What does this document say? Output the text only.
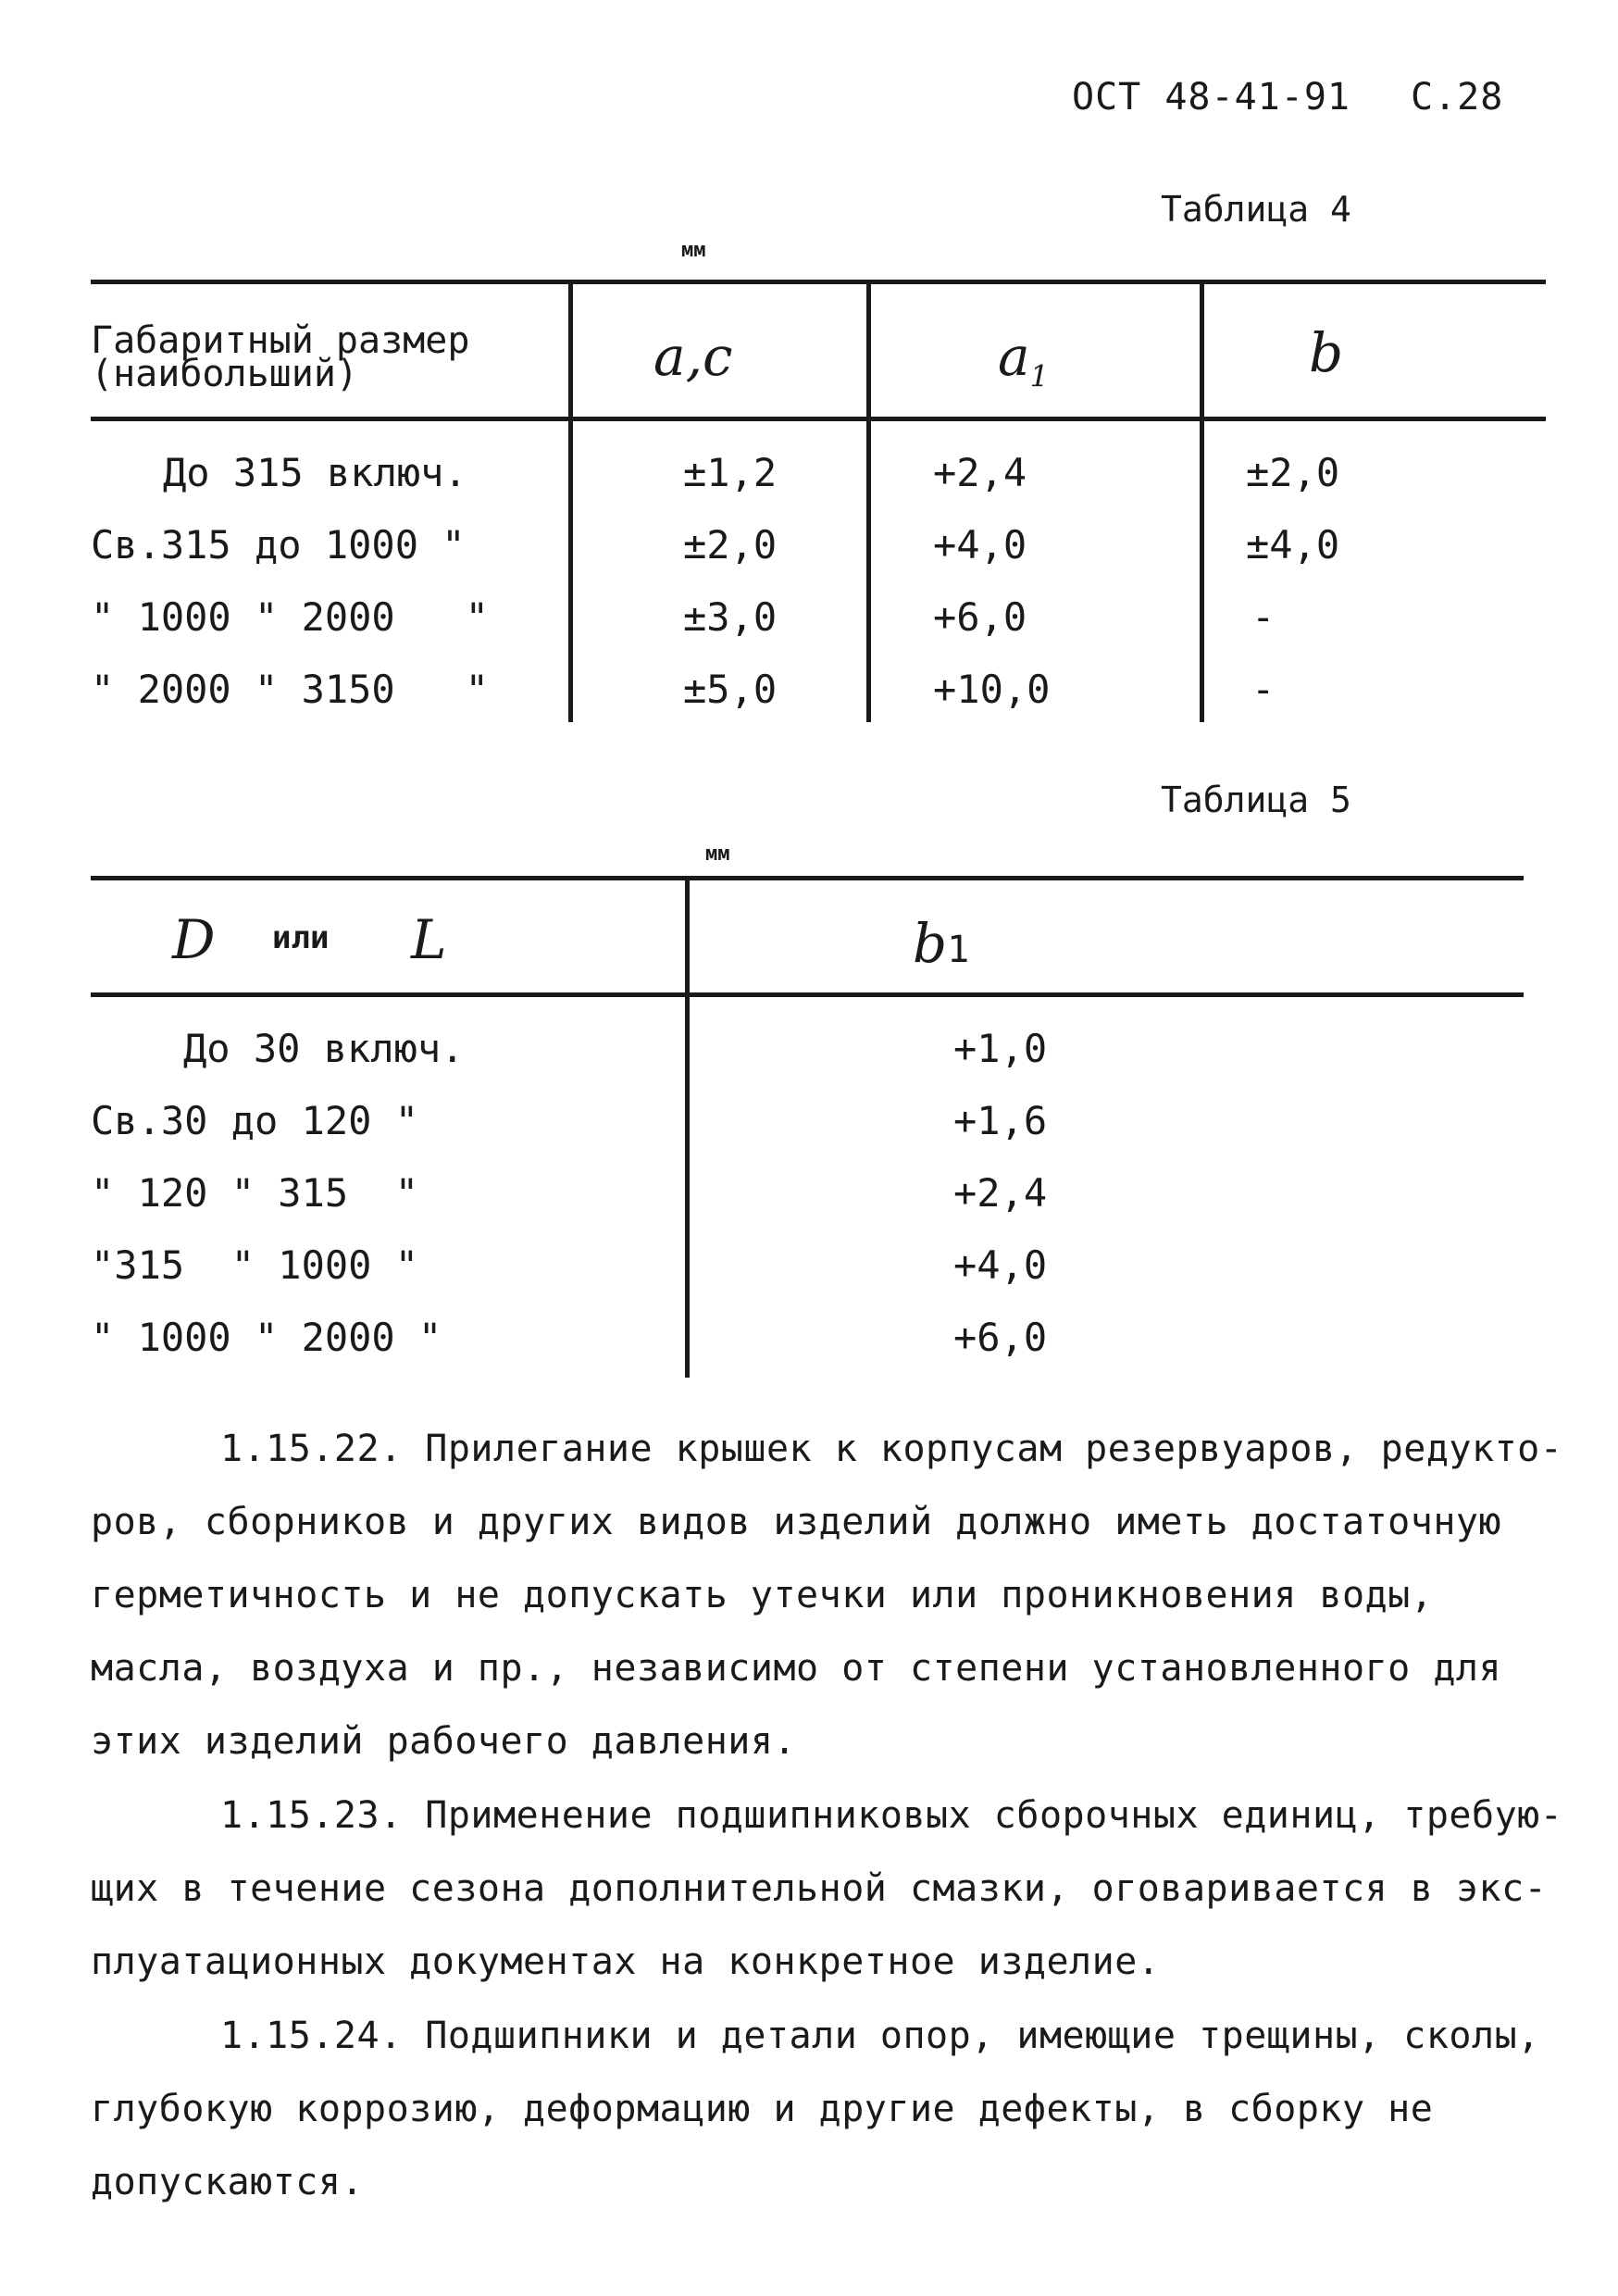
ОСТ 48-41-91 С.28
Таблица 4
мм
Габаритный размер
(наибольший)	a,c	$a_1$	b
До 315 включ.	±1,2	+2,4	±2,0
Св.315 до 1000 "	±2,0	+4,0	±4,0
" 1000 " 2000   "	±3,0	+6,0	-
" 2000 " 3150   "	±5,0	+10,0	-
Таблица 5
мм
D или L	b1
До 30 включ.	+1,0
Св.30 до 120 "	+1,6
" 120 " 315  "	+2,4
"315  " 1000 "	+4,0
" 1000 " 2000 "	+6,0
1.15.22. Прилегание крышек к корпусам резервуаров, редукто-
ров, сборников и других видов изделий должно иметь достаточную
герметичность и не допускать утечки или проникновения воды,
масла, воздуха и пр., независимо от степени установленного для
этих изделий рабочего давления.
1.15.23. Применение подшипниковых сборочных единиц, требую-
щих в течение сезона дополнительной смазки, оговаривается в экс-
плуатационных документах на конкретное изделие.
1.15.24. Подшипники и детали опор, имеющие трещины, сколы,
глубокую коррозию, деформацию и другие дефекты, в сборку не
допускаются.
